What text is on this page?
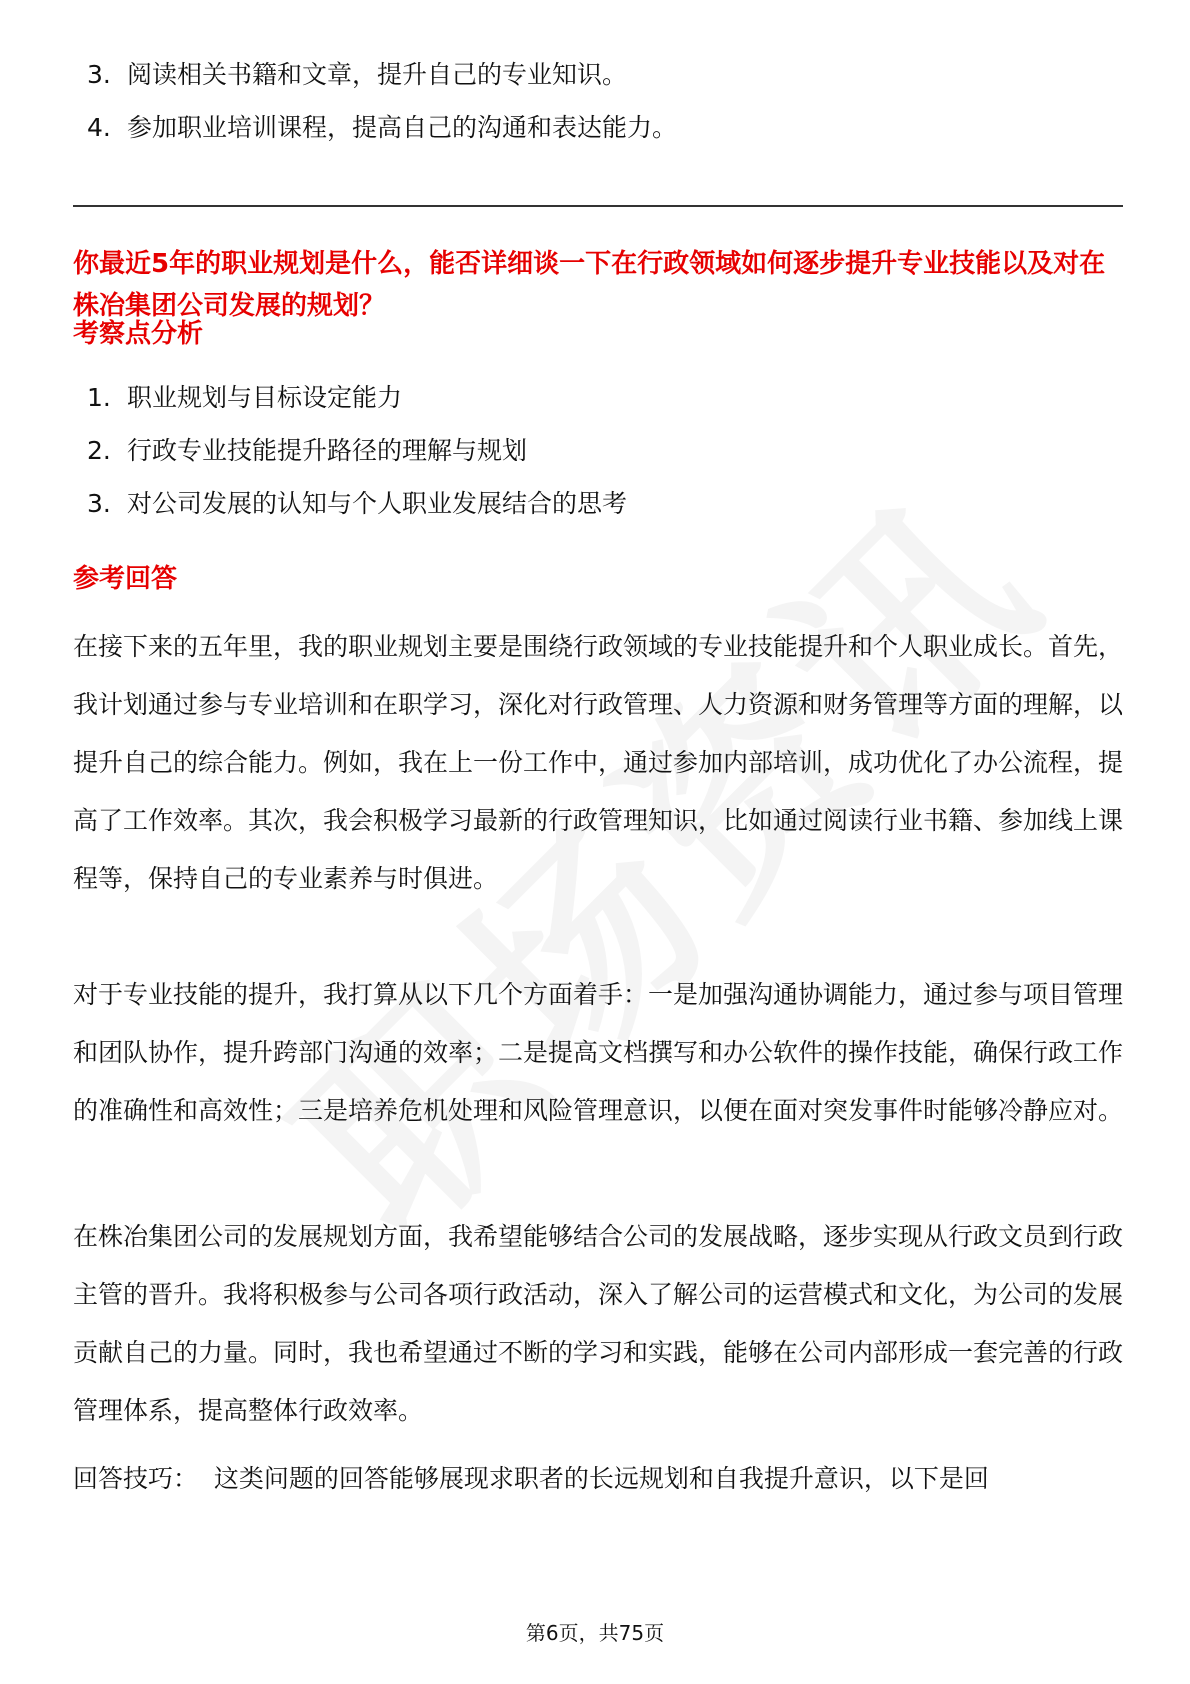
3. 阅读相关书籍和文章，提升自己的专业知识。
4. 参加职业培训课程，提高自己的沟通和表达能力。
你最近5年的职业规划是什么，能否详细谈一下在行政领域如何逐步提升专业技能以及对在株冶集团公司发展的规划？
考察点分析
1. 职业规划与目标设定能力
2. 行政专业技能提升路径的理解与规划
3. 对公司发展的认知与个人职业发展结合的思考
参考回答
在接下来的五年里，我的职业规划主要是围绕行政领域的专业技能提升和个人职业成长。首先，我计划通过参与专业培训和在职学习，深化对行政管理、人力资源和财务管理等方面的理解，以提升自己的综合能力。例如，我在上一份工作中，通过参加内部培训，成功优化了办公流程，提高了工作效率。其次，我会积极学习最新的行政管理知识，比如通过阅读行业书籍、参加线上课程等，保持自己的专业素养与时俱进。
对于专业技能的提升，我打算从以下几个方面着手：一是加强沟通协调能力，通过参与项目管理和团队协作，提升跨部门沟通的效率；二是提高文档撰写和办公软件的操作技能，确保行政工作的准确性和高效性；三是培养危机处理和风险管理意识，以便在面对突发事件时能够冷静应对。
在株冶集团公司的发展规划方面，我希望能够结合公司的发展战略，逐步实现从行政文员到行政主管的晋升。我将积极参与公司各项行政活动，深入了解公司的运营模式和文化，为公司的发展贡献自己的力量。同时，我也希望通过不断的学习和实践，能够在公司内部形成一套完善的行政管理体系，提高整体行政效率。
回答技巧：  这类问题的回答能够展现求职者的长远规划和自我提升意识，以下是回
第6页，共75页
